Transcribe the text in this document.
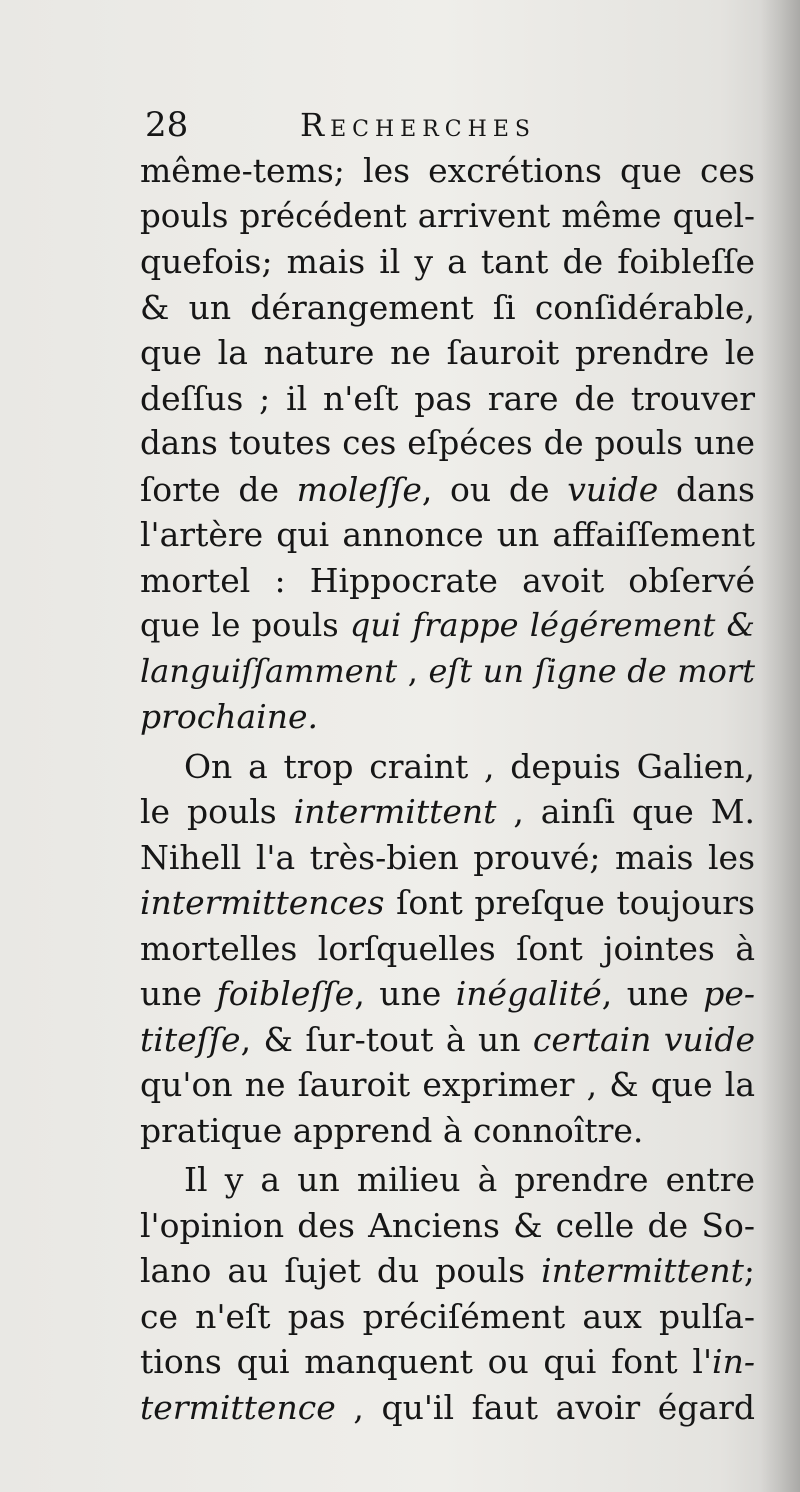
28	Recherches
même-tems; les excrétions que ces
pouls précédent arrivent même quel-
quefois; mais il y a tant de foibleſſe
& un dérangement ſi conſidérable,
que la nature ne ſauroit prendre le
deſſus ; il n'eſt pas rare de trouver
dans toutes ces eſpéces de pouls une
ſorte de moleſſe, ou de vuide dans
l'artère qui annonce un affaiſſement
mortel : Hippocrate avoit obſervé
que le pouls qui frappe légérement &
languiſſamment , eſt un ſigne de mort
prochaine.
On a trop craint , depuis Galien,
le pouls intermittent , ainſi que M.
Nihell l'a très-bien prouvé; mais les
intermittences ſont preſque toujours
mortelles lorſquelles ſont jointes à
une foibleſſe, une inégalité, une pe-
titeſſe, & ſur-tout à un certain vuide
qu'on ne ſauroit exprimer , & que la
pratique apprend à connoître.
Il y a un milieu à prendre entre
l'opinion des Anciens & celle de So-
lano au ſujet du pouls intermittent;
ce n'eſt pas préciſément aux pulſa-
tions qui manquent ou qui font l'in-
termittence , qu'il faut avoir égard
